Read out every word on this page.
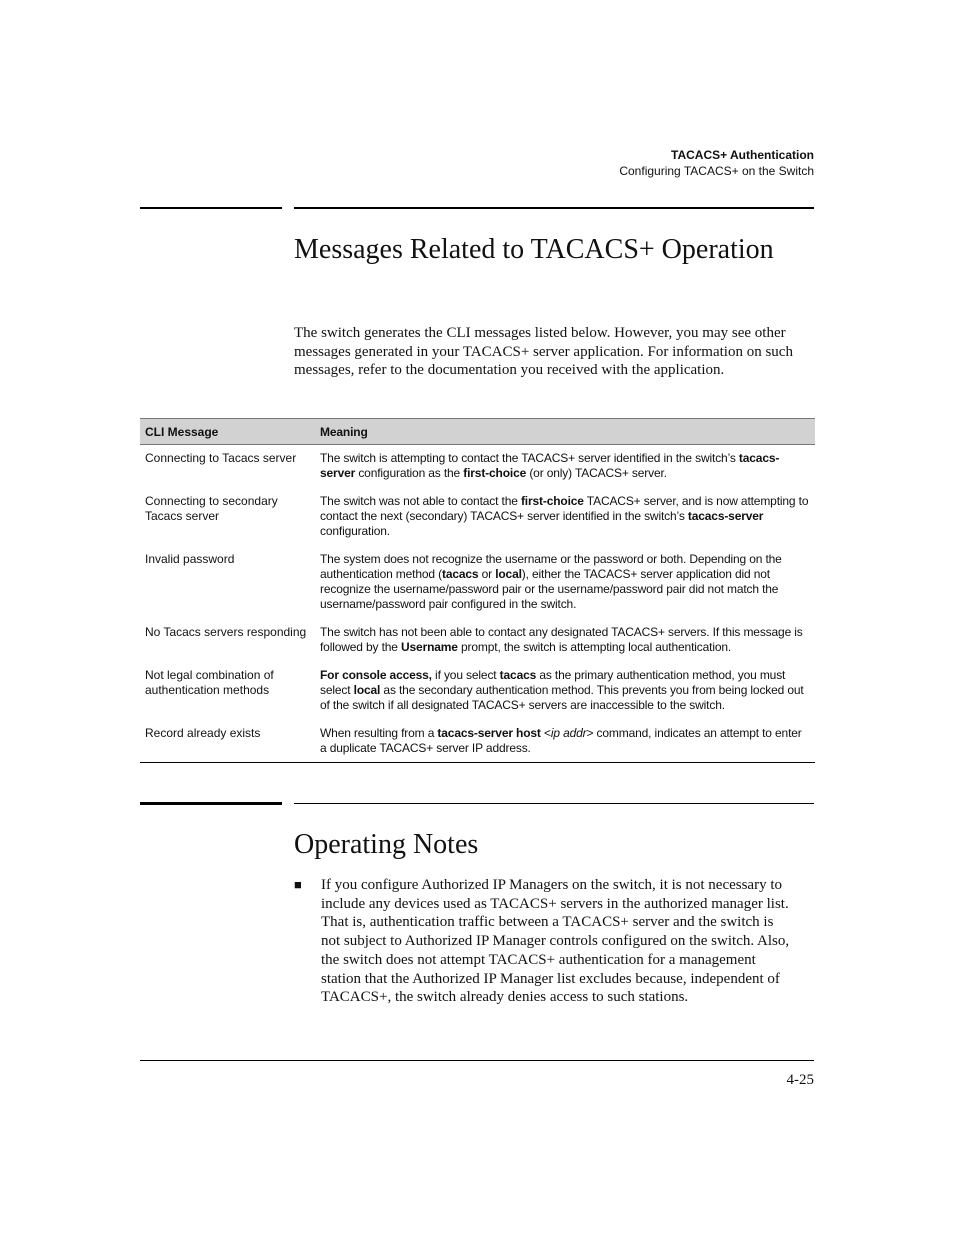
TACACS+ Authentication
Configuring TACACS+ on the Switch
Messages Related to TACACS+ Operation

The switch generates the CLI messages listed below. However, you may see other messages generated in your TACACS+ server application. For information on such messages, refer to the documentation you received with the application.

CLI Message	Meaning
Connecting to Tacacs server	The switch is attempting to contact the TACACS+ server identified in the switch’s tacacs-server configuration as the first-choice (or only) TACACS+ server.
Connecting to secondary Tacacs server	The switch was not able to contact the first-choice TACACS+ server, and is now attempting to contact the next (secondary) TACACS+ server identified in the switch’s tacacs-server configuration.
Invalid password	The system does not recognize the username or the password or both. Depending on the authentication method (tacacs or local), either the TACACS+ server application did not recognize the username/password pair or the username/password pair did not match the username/password pair configured in the switch.
No Tacacs servers responding	The switch has not been able to contact any designated TACACS+ servers. If this message is followed by the Username prompt, the switch is attempting local authentication.
Not legal combination of authentication methods	For console access, if you select tacacs as the primary authentication method, you must select local as the secondary authentication method. This prevents you from being locked out of the switch if all designated TACACS+ servers are inaccessible to the switch.
Record already exists	When resulting from a tacacs-server host <ip addr> command, indicates an attempt to enter a duplicate TACACS+ server IP address.
Operating Notes
■ If you configure Authorized IP Managers on the switch, it is not necessary to include any devices used as TACACS+ servers in the authorized manager list. That is, authentication traffic between a TACACS+ server and the switch is not subject to Authorized IP Manager controls configured on the switch. Also, the switch does not attempt TACACS+ authentication for a management station that the Authorized IP Manager list excludes because, independent of TACACS+, the switch already denies access to such stations.

4-25
